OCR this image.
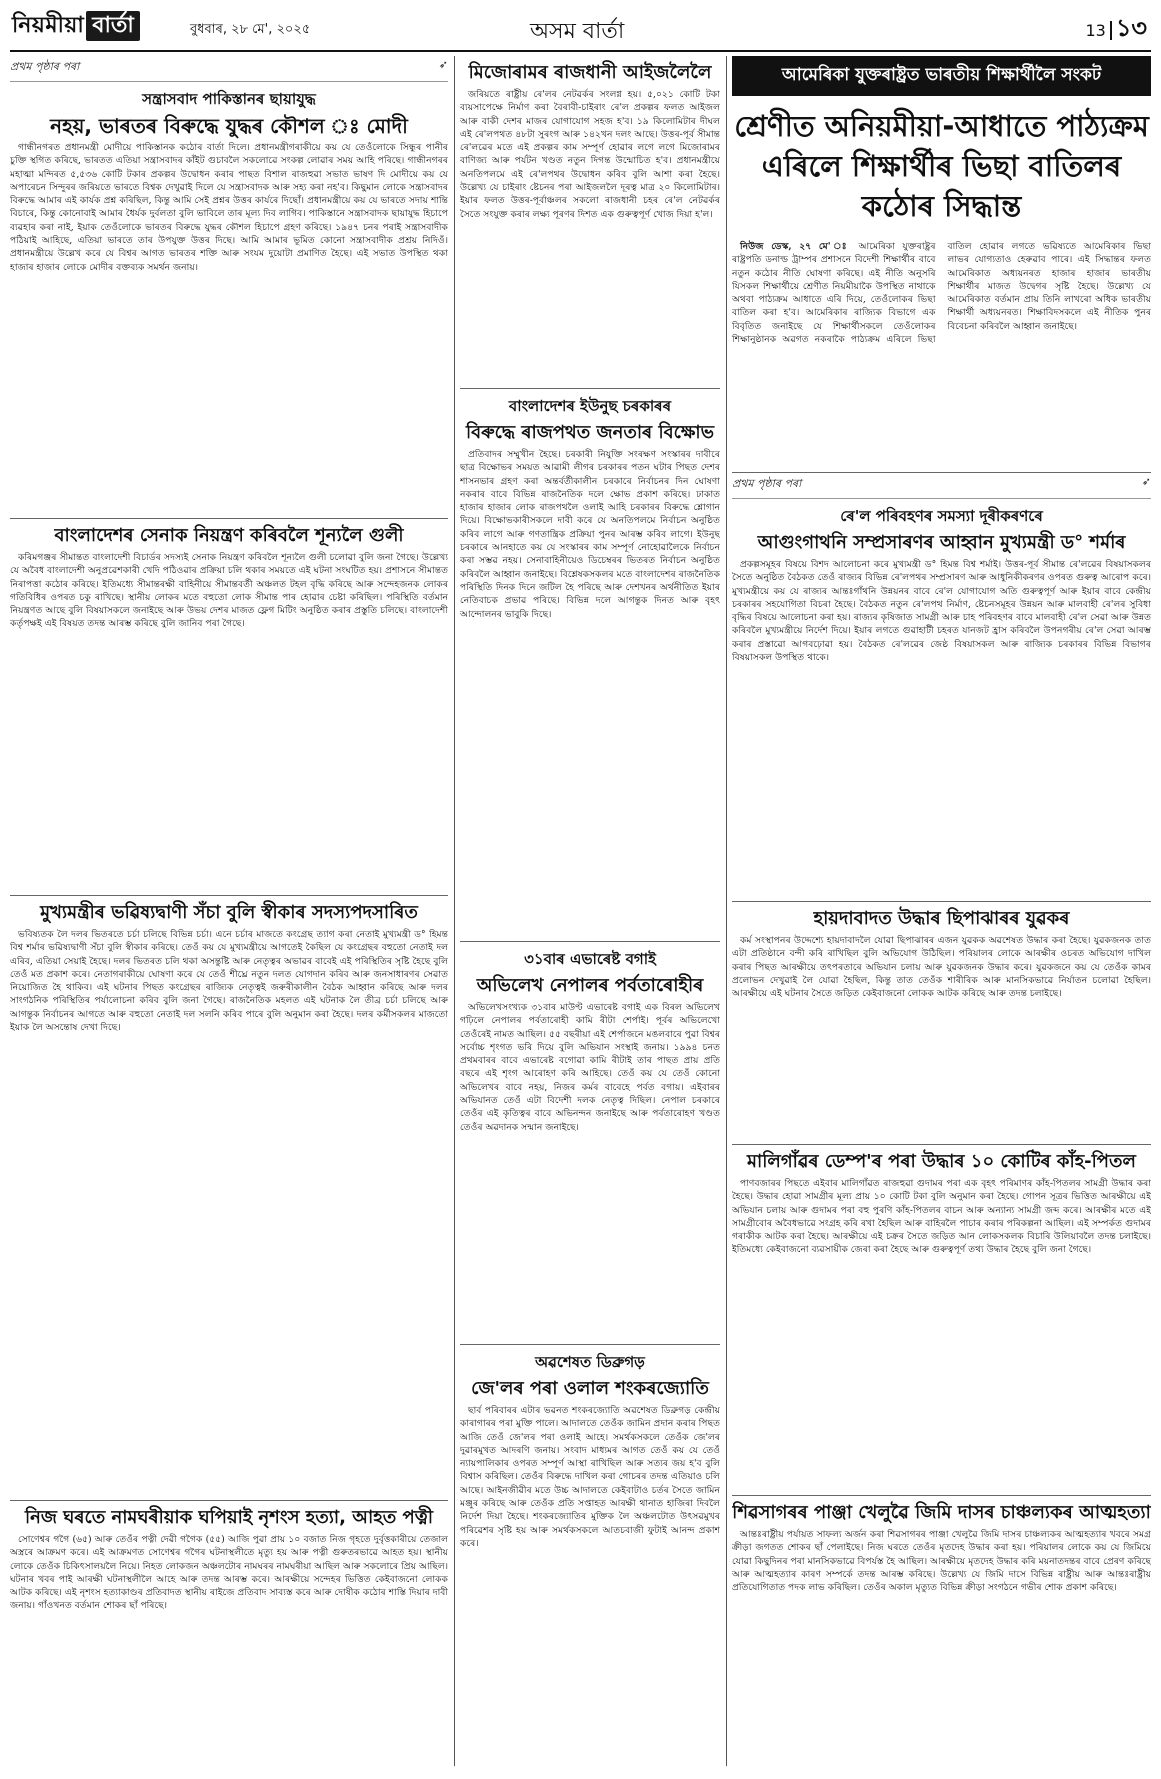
নিয়মীয়া বাৰ্তা	বুধবাৰ, ২৮ মে', ২০২৫	অসম বাৰ্তা	13 ১৩
প্ৰথম পৃষ্ঠাৰ পৰা	➶
সন্ত্ৰাসবাদ পাকিস্তানৰ ছায়াযুদ্ধ
নহয়, ভাৰতৰ বিৰুদ্ধে যুদ্ধৰ কৌশল ঃ মোদী

গান্ধীনগৰত প্ৰধানমন্ত্ৰী মোদীয়ে পাকিস্তানক কঠোৰ বাৰ্তা দিলে। প্ৰধানমন্ত্ৰীগৰাকীয়ে কয় যে তেওঁলোকে সিন্ধুৰ পানীৰ চুক্তি স্থগিত কৰিছে, ভাৰতত এতিয়া সন্ত্ৰাসবাদৰ কাঁইট গুচাবলৈ সকলোৱে সংকল্প লোৱাৰ সময় আহি পৰিছে। গান্ধীনগৰৰ মহাত্মা মন্দিৰত ৫,৫৩৬ কোটি টকাৰ প্ৰকল্পৰ উদ্বোধন কৰাৰ পাছত বিশাল ৰাজহুৱা সভাত ভাষণ দি মোদীয়ে কয় যে অপাৰেচন সিন্দুৰৰ জৰিয়তে ভাৰতে বিশ্বক দেখুৱাই দিলে যে সন্ত্ৰাসবাদক আৰু সহ্য কৰা নহ'ব। কিছুমান লোকে সন্ত্ৰাসবাদৰ বিৰুদ্ধে আমাৰ এই কাৰ্যক প্ৰশ্ন কৰিছিল, কিন্তু আমি সেই প্ৰশ্নৰ উত্তৰ কাৰ্যৰে দিছোঁ। প্ৰধানমন্ত্ৰীয়ে কয় যে ভাৰতে সদায় শান্তি বিচাৰে, কিন্তু কোনোবাই আমাৰ ধৈৰ্যক দুৰ্বলতা বুলি ভাবিলে তাৰ মূল্য দিব লাগিব। পাকিস্তানে সন্ত্ৰাসবাদক ছায়াযুদ্ধ হিচাপে ব্যৱহাৰ কৰা নাই, ইয়াক তেওঁলোকে ভাৰতৰ বিৰুদ্ধে যুদ্ধৰ কৌশল হিচাপে গ্ৰহণ কৰিছে। ১৯৪৭ চনৰ পৰাই সন্ত্ৰাসবাদীক পঠিয়াই আহিছে, এতিয়া ভাৰতে তাৰ উপযুক্ত উত্তৰ দিছে। আমি আমাৰ ভূমিত কোনো সন্ত্ৰাসবাদীক প্ৰশ্ৰয় নিদিওঁ। প্ৰধানমন্ত্ৰীয়ে উল্লেখ কৰে যে বিশ্বৰ আগত ভাৰতৰ শক্তি আৰু সংযম দুয়োটা প্ৰমাণিত হৈছে। এই সভাত উপস্থিত থকা হাজাৰ হাজাৰ লোকে মোদীৰ বক্তব্যক সমৰ্থন জনায়।

বাংলাদেশৰ সেনাক নিয়ন্ত্ৰণ কৰিবলৈ শূন্যলৈ গুলী

কৰিমগঞ্জৰ সীমান্তত বাংলাদেশী বিচাৰ্ডৰ সদস্যই সেনাক নিয়ন্ত্ৰণ কৰিবলৈ শূন্যলৈ গুলী চলোৱা বুলি জনা গৈছে। উল্লেখ্য যে অবৈধ বাংলাদেশী অনুপ্ৰৱেশকাৰী খেদি পঠিওৱাৰ প্ৰক্ৰিয়া চলি থকাৰ সময়তে এই ঘটনা সংঘটিত হয়। প্ৰশাসনে সীমান্তত নিৰাপত্তা কঠোৰ কৰিছে। ইতিমধ্যে সীমান্তৰক্ষী বাহিনীয়ে সীমান্তবৰ্তী অঞ্চলত টহল বৃদ্ধি কৰিছে আৰু সন্দেহজনক লোকৰ গতিবিধিৰ ওপৰত চকু ৰাখিছে। স্থানীয় লোকৰ মতে বহুতো লোক সীমান্ত পাৰ হোৱাৰ চেষ্টা কৰিছিল। পৰিস্থিতি বৰ্তমান নিয়ন্ত্ৰণত আছে বুলি বিষয়াসকলে জনাইছে আৰু উভয় দেশৰ মাজত ফ্লেগ মিটিং অনুষ্ঠিত কৰাৰ প্ৰস্তুতি চলিছে। বাংলাদেশী কৰ্তৃপক্ষই এই বিষয়ত তদন্ত আৰম্ভ কৰিছে বুলি জানিব পৰা গৈছে।

মুখ্যমন্ত্ৰীৰ ভৱিষ্যদ্বাণী সঁচা বুলি স্বীকাৰ সদস্যপদসাৰিত

ভবিষ্যতক লৈ দলৰ ভিতৰতে চৰ্চা চলিছে বিভিন্ন চৰ্চা। এনে চৰ্চাৰ মাজতে কংগ্ৰেছ ত্যাগ কৰা নেতাই মুখ্যমন্ত্ৰী ড° হিমন্ত বিশ্ব শৰ্মাৰ ভৱিষ্যদ্বাণী সঁচা বুলি স্বীকাৰ কৰিছে। তেওঁ কয় যে মুখ্যমন্ত্ৰীয়ে আগতেই কৈছিল যে কংগ্ৰেছৰ বহুতো নেতাই দল এৰিব, এতিয়া সেয়াই হৈছে। দলৰ ভিতৰত চলি থকা অসন্তুষ্টি আৰু নেতৃত্বৰ অভাৱৰ বাবেই এই পৰিস্থিতিৰ সৃষ্টি হৈছে বুলি তেওঁ মত প্ৰকাশ কৰে। নেতাগৰাকীয়ে ঘোষণা কৰে যে তেওঁ শীঘ্ৰে নতুন দলত যোগদান কৰিব আৰু জনসাধাৰণৰ সেৱাত নিয়োজিত হৈ থাকিব। এই ঘটনাৰ পিছত কংগ্ৰেছৰ ৰাজ্যিক নেতৃত্বই জৰুৰীকালীন বৈঠক আহ্বান কৰিছে আৰু দলৰ সাংগঠনিক পৰিস্থিতিৰ পৰ্যালোচনা কৰিব বুলি জনা গৈছে। ৰাজনৈতিক মহলত এই ঘটনাক লৈ তীব্ৰ চৰ্চা চলিছে আৰু আগন্তুক নিৰ্বাচনৰ আগতে আৰু বহুতো নেতাই দল সলনি কৰিব পাৰে বুলি অনুমান কৰা হৈছে। দলৰ কৰ্মীসকলৰ মাজতো ইয়াক লৈ অসন্তোষ দেখা দিছে।

নিজ ঘৰতে নামঘৰীয়াক ঘপিয়াই নৃশংস হত্যা, আহত পত্নী

সোণেশ্বৰ গগৈ (৬৫) আৰু তেওঁৰ পত্নী দেৱী গগৈক (৫৫) আজি পুৱা প্ৰায় ১০ বজাত নিজ গৃহতে দুৰ্বৃত্তকাৰীয়ে তেজাল অস্ত্ৰৰে আক্ৰমণ কৰে। এই আক্ৰমণত সোণেশ্বৰ গগৈৰ ঘটনাস্থলীতে মৃত্যু হয় আৰু পত্নী গুৰুতৰভাৱে আহত হয়। স্থানীয় লোকে তেওঁক চিকিৎসালয়লৈ নিয়ে। নিহত লোকজন অঞ্চলটোৰ নামঘৰৰ নামঘৰীয়া আছিল আৰু সকলোৰে প্ৰিয় আছিল। ঘটনাৰ খবৰ পাই আৰক্ষী ঘটনাস্থলীলৈ আহে আৰু তদন্ত আৰম্ভ কৰে। আৰক্ষীয়ে সন্দেহৰ ভিত্তিত কেইবাজনো লোকক আটক কৰিছে। এই নৃশংস হত্যাকাণ্ডৰ প্ৰতিবাদত স্থানীয় ৰাইজে প্ৰতিবাদ সাব্যস্ত কৰে আৰু দোষীক কঠোৰ শাস্তি দিয়াৰ দাবী জনায়। গাঁওখনত বৰ্তমান শোকৰ ছাঁ পৰিছে।

মিজোৰামৰ ৰাজধানী আইজলৈলৈ

জৰিয়তে ৰাষ্ট্ৰীয় ৰে'লৰ নেটৱৰ্কৰ সংলগ্ন হয়। ৫,০২১ কোটি টকা ব্যয়সাপেক্ষে নিৰ্মাণ কৰা বৈৰাবী-চাইৰাং ৰে'ল প্ৰকল্পৰ ফলত আইজল আৰু বাকী দেশৰ মাজৰ যোগাযোগ সহজ হ'ব। ১৯ কিলোমিটাৰ দীঘল এই ৰে'লপথত ৪৮টা সুৰংগ আৰু ১৪২খন দলং আছে। উত্তৰ-পূৰ্ব সীমান্ত ৰে'লৱেৰ মতে এই প্ৰকল্পৰ কাম সম্পূৰ্ণ হোৱাৰ লগে লগে মিজোৰামৰ বাণিজ্য আৰু পৰ্যটন খণ্ডত নতুন দিগন্ত উন্মোচিত হ'ব। প্ৰধানমন্ত্ৰীয়ে অনতিপলমে এই ৰে'লপথৰ উদ্বোধন কৰিব বুলি আশা কৰা হৈছে। উল্লেখ্য যে চাইৰাং ষ্টেচনৰ পৰা আইজললৈ দূৰত্ব মাত্ৰ ২০ কিলোমিটাৰ। ইয়াৰ ফলত উত্তৰ-পূৰ্বাঞ্চলৰ সকলো ৰাজধানী চহৰ ৰে'ল নেটৱৰ্কৰ সৈতে সংযুক্ত কৰাৰ লক্ষ্য পূৰণৰ দিশত এক গুৰুত্বপূৰ্ণ খোজ দিয়া হ'ল।

বাংলাদেশৰ ইউনুছ চৰকাৰৰ
বিৰুদ্ধে ৰাজপথত জনতাৰ বিক্ষোভ

প্ৰতিবাদৰ সম্মুখীন হৈছে। চৰকাৰী নিযুক্তি সংৰক্ষণ সংস্কাৰৰ দাবীৰে ছাত্ৰ বিক্ষোভৰ সময়ত আৱামী লীগৰ চৰকাৰৰ পতন ঘটাৰ পিছত দেশৰ শাসনভাৰ গ্ৰহণ কৰা অন্তৰ্বৰ্তীকালীন চৰকাৰে নিৰ্বাচনৰ দিন ঘোষণা নকৰাৰ বাবে বিভিন্ন ৰাজনৈতিক দলে ক্ষোভ প্ৰকাশ কৰিছে। ঢাকাত হাজাৰ হাজাৰ লোক ৰাজপথলৈ ওলাই আহি চৰকাৰৰ বিৰুদ্ধে শ্লোগান দিয়ে। বিক্ষোভকাৰীসকলে দাবী কৰে যে অনতিপলমে নিৰ্বাচন অনুষ্ঠিত কৰিব লাগে আৰু গণতান্ত্ৰিক প্ৰক্ৰিয়া পুনৰ আৰম্ভ কৰিব লাগে। ইউনুছ চৰকাৰে আনহাতে কয় যে সংস্কাৰৰ কাম সম্পূৰ্ণ নোহোৱালৈকে নিৰ্বাচন কৰা সম্ভৱ নহয়। সেনাবাহিনীয়েও ডিচেম্বৰৰ ভিতৰত নিৰ্বাচন অনুষ্ঠিত কৰিবলৈ আহ্বান জনাইছে। বিশ্লেষকসকলৰ মতে বাংলাদেশৰ ৰাজনৈতিক পৰিস্থিতি দিনক দিনে জটিল হৈ পৰিছে আৰু দেশখনৰ অৰ্থনীতিত ইয়াৰ নেতিবাচক প্ৰভাৱ পৰিছে। বিভিন্ন দলে আগন্তুক দিনত আৰু বৃহৎ আন্দোলনৰ ভাবুকি দিছে।

৩১বাৰ এভাৰেষ্ট বগাই
অভিলেখ নেপালৰ পৰ্বতাৰোহীৰ

অভিলেখসংখ্যক ৩১বাৰ মাউণ্ট এভাৰেষ্ট বগাই এক বিৰল অভিলেখ গঢ়িলে নেপালৰ পৰ্বতাৰোহী কামি ৰীটা শেৰ্পাই। পূৰ্বৰ অভিলেখো তেওঁৰেই নামত আছিল। ৫৫ বছৰীয়া এই শেৰ্পাজনে মঙলবাৰে পুৱা বিশ্বৰ সৰ্বোচ্চ শৃংগত ভৰি দিয়ে বুলি অভিযান সংস্থাই জনায়। ১৯৯৪ চনত প্ৰথমবাৰৰ বাবে এভাৰেষ্ট বগোৱা কামি ৰীটাই তাৰ পাছত প্ৰায় প্ৰতি বছৰে এই শৃংগ আৰোহণ কৰি আহিছে। তেওঁ কয় যে তেওঁ কোনো অভিলেখৰ বাবে নহয়, নিজৰ কৰ্মৰ বাবেহে পৰ্বত বগায়। এইবাৰৰ অভিযানত তেওঁ এটা বিদেশী দলক নেতৃত্ব দিছিল। নেপাল চৰকাৰে তেওঁৰ এই কৃতিত্বৰ বাবে অভিনন্দন জনাইছে আৰু পৰ্বতাৰোহণ খণ্ডত তেওঁৰ অৱদানক সন্মান জনাইছে।

অৱশেষত ডিব্ৰুগড়
জে'লৰ পৰা ওলাল শংকৰজ্যোতি

ছাৰ্ব পৰিবাৰৰ এটাৰ ভৱনত শংকৰজ্যোতি অৱশেষত ডিব্ৰুগড় কেন্দ্ৰীয় কাৰাগাৰৰ পৰা মুক্তি পালে। আদালতে তেওঁক জামিন প্ৰদান কৰাৰ পিছত আজি তেওঁ জে'লৰ পৰা ওলাই আহে। সমৰ্থকসকলে তেওঁক জে'লৰ দুৱাৰমুখত আদৰণি জনায়। সংবাদ মাধ্যমৰ আগত তেওঁ কয় যে তেওঁ ন্যায়পালিকাৰ ওপৰত সম্পূৰ্ণ আস্থা ৰাখিছিল আৰু সত্যৰ জয় হ'ব বুলি বিশ্বাস কৰিছিল। তেওঁৰ বিৰুদ্ধে দাখিল কৰা গোচৰৰ তদন্ত এতিয়াও চলি আছে। আইনজীৱীৰ মতে উচ্চ আদালতে কেইবাটাও চৰ্তৰ সৈতে জামিন মঞ্জুৰ কৰিছে আৰু তেওঁক প্ৰতি সপ্তাহত আৰক্ষী থানাত হাজিৰা দিবলৈ নিৰ্দেশ দিয়া হৈছে। শংকৰজ্যোতিৰ মুক্তিক লৈ অঞ্চলটোত উৎসৱমুখৰ পৰিৱেশৰ সৃষ্টি হয় আৰু সমৰ্থকসকলে আতচবাজী ফুটাই আনন্দ প্ৰকাশ কৰে।

আমেৰিকা যুক্তৰাষ্ট্ৰত ভাৰতীয় শিক্ষাৰ্থীলৈ সংকট
শ্ৰেণীত অনিয়মীয়া-আধাতে পাঠ্যক্ৰম এৰিলে শিক্ষাৰ্থীৰ ভিছা বাতিলৰ কঠোৰ সিদ্ধান্ত

নিউজ ডেস্ক, ২৭ মে' ঃ আমেৰিকা যুক্তৰাষ্ট্ৰৰ ৰাষ্ট্ৰপতি ডনাল্ড ট্ৰাম্পৰ প্ৰশাসনে বিদেশী শিক্ষাৰ্থীৰ বাবে নতুন কঠোৰ নীতি ঘোষণা কৰিছে। এই নীতি অনুসৰি যিসকল শিক্ষাৰ্থীয়ে শ্ৰেণীত নিয়মীয়াকৈ উপস্থিত নাথাকে অথবা পাঠ্যক্ৰম আধাতে এৰি দিয়ে, তেওঁলোকৰ ভিছা বাতিল কৰা হ'ব। আমেৰিকাৰ ৰাজ্যিক বিভাগে এক বিবৃতিত জনাইছে যে শিক্ষাৰ্থীসকলে তেওঁলোকৰ শিক্ষানুষ্ঠানক অৱগত নকৰাকৈ পাঠ্যক্ৰম এৰিলে ভিছা বাতিল হোৱাৰ লগতে ভৱিষ্যতে আমেৰিকাৰ ভিছা লাভৰ যোগ্যতাও হেৰুৱাব পাৰে। এই সিদ্ধান্তৰ ফলত আমেৰিকাত অধ্যয়নৰত হাজাৰ হাজাৰ ভাৰতীয় শিক্ষাৰ্থীৰ মাজত উদ্বেগৰ সৃষ্টি হৈছে। উল্লেখ্য যে আমেৰিকাত বৰ্তমান প্ৰায় তিনি লাখৰো অধিক ভাৰতীয় শিক্ষাৰ্থী অধ্যয়নৰত। শিক্ষাবিদসকলে এই নীতিক পুনৰ বিবেচনা কৰিবলৈ আহ্বান জনাইছে।

প্ৰথম পৃষ্ঠাৰ পৰা	➶
ৰে'ল পৰিবহণৰ সমস্যা দূৰীকৰণৰে
আগুংগাথনি সম্প্ৰসাৰণৰ আহ্বান মুখ্যমন্ত্ৰী ড° শৰ্মাৰ

প্ৰকল্পসমূহৰ বিষয়ে বিশদ আলোচনা কৰে মুখ্যমন্ত্ৰী ড° হিমন্ত বিশ্ব শৰ্মাই। উত্তৰ-পূৰ্ব সীমান্ত ৰে'লৱেৰ বিষয়াসকলৰ সৈতে অনুষ্ঠিত বৈঠকত তেওঁ ৰাজ্যৰ বিভিন্ন ৰে'লপথৰ সম্প্ৰসাৰণ আৰু আধুনিকীকৰণৰ ওপৰত গুৰুত্ব আৰোপ কৰে। মুখ্যমন্ত্ৰীয়ে কয় যে ৰাজ্যৰ আন্তঃগাঁথনি উন্নয়নৰ বাবে ৰে'ল যোগাযোগ অতি গুৰুত্বপূৰ্ণ আৰু ইয়াৰ বাবে কেন্দ্ৰীয় চৰকাৰৰ সহযোগিতা বিচৰা হৈছে। বৈঠকত নতুন ৰে'লপথ নিৰ্মাণ, ষ্টেচনসমূহৰ উন্নয়ন আৰু মালবাহী ৰে'লৰ সুবিধা বৃদ্ধিৰ বিষয়ে আলোচনা কৰা হয়। ৰাজ্যৰ কৃষিজাত সামগ্ৰী আৰু চাহ পৰিবহণৰ বাবে মালবাহী ৰে'ল সেৱা আৰু উন্নত কৰিবলৈ মুখ্যমন্ত্ৰীয়ে নিৰ্দেশ দিয়ে। ইয়াৰ লগতে গুৱাহাটী চহৰত যানজট হ্ৰাস কৰিবলৈ উপনগৰীয় ৰে'ল সেৱা আৰম্ভ কৰাৰ প্ৰস্তাৱো আগবঢ়োৱা হয়। বৈঠকত ৰে'লৱেৰ জেষ্ঠ বিষয়াসকল আৰু ৰাজ্যিক চৰকাৰৰ বিভিন্ন বিভাগৰ বিষয়াসকল উপস্থিত থাকে।

হায়দাবাদত উদ্ধাৰ ছিপাঝাৰৰ যুৱকৰ

কৰ্ম সংস্থাপনৰ উদ্দেশ্যে হায়দাবাদলৈ যোৱা ছিপাঝাৰৰ এজন যুৱকক অৱশেষত উদ্ধাৰ কৰা হৈছে। যুৱকজনক তাত এটা প্ৰতিষ্ঠানে বন্দী কৰি ৰাখিছিল বুলি অভিযোগ উঠিছিল। পৰিয়ালৰ লোকে আৰক্ষীৰ ওচৰত অভিযোগ দাখিল কৰাৰ পিছত আৰক্ষীয়ে তৎপৰতাৰে অভিযান চলায় আৰু যুৱকজনক উদ্ধাৰ কৰে। যুৱকজনে কয় যে তেওঁক কামৰ প্ৰলোভন দেখুৱাই লৈ যোৱা হৈছিল, কিন্তু তাত তেওঁক শাৰীৰিক আৰু মানসিকভাৱে নিৰ্যাতন চলোৱা হৈছিল। আৰক্ষীয়ে এই ঘটনাৰ সৈতে জড়িত কেইবাজনো লোকক আটক কৰিছে আৰু তদন্ত চলাইছে।

মালিগাঁৱৰ ডেম্প'ৰ পৰা উদ্ধাৰ ১০ কোটিৰ কাঁহ-পিতল

পাণবজাৰৰ পিছতে এইবাৰ মালিগাঁৱত ৰাজহুৱা গুদামৰ পৰা এক বৃহৎ পৰিমাণৰ কাঁহ-পিতলৰ সামগ্ৰী উদ্ধাৰ কৰা হৈছে। উদ্ধাৰ হোৱা সামগ্ৰীৰ মূল্য প্ৰায় ১০ কোটি টকা বুলি অনুমান কৰা হৈছে। গোপন সূত্ৰৰ ভিত্তিত আৰক্ষীয়ে এই অভিযান চলায় আৰু গুদামৰ পৰা বহু পুৰণি কাঁহ-পিতলৰ বাচন আৰু অন্যান্য সামগ্ৰী জব্দ কৰে। আৰক্ষীৰ মতে এই সামগ্ৰীবোৰ অবৈধভাৱে সংগ্ৰহ কৰি ৰখা হৈছিল আৰু বাহিৰলৈ পাচাৰ কৰাৰ পৰিকল্পনা আছিল। এই সম্পৰ্কত গুদামৰ গৰাকীক আটক কৰা হৈছে। আৰক্ষীয়ে এই চক্ৰৰ সৈতে জড়িত আন লোকসকলক বিচাৰি উলিয়াবলৈ তদন্ত চলাইছে। ইতিমধ্যে কেইবাজনো ব্যৱসায়ীক জেৰা কৰা হৈছে আৰু গুৰুত্বপূৰ্ণ তথ্য উদ্ধাৰ হৈছে বুলি জনা গৈছে।

শিৱসাগৰৰ পাঞ্জা খেলুৱৈ জিমি দাসৰ চাঞ্চল্যকৰ আত্মহত্যা

আন্তঃৰাষ্ট্ৰীয় পৰ্যায়ত সাফল্য অৰ্জন কৰা শিৱসাগৰৰ পাঞ্জা খেলুৱৈ জিমি দাসৰ চাঞ্চল্যকৰ আত্মহত্যাৰ খবৰে সমগ্ৰ ক্ৰীড়া জগতত শোকৰ ছাঁ পেলাইছে। নিজ ঘৰতে তেওঁৰ মৃতদেহ উদ্ধাৰ কৰা হয়। পৰিয়ালৰ লোকে কয় যে জিমিয়ে যোৱা কিছুদিনৰ পৰা মানসিকভাৱে বিপৰ্যস্ত হৈ আছিল। আৰক্ষীয়ে মৃতদেহ উদ্ধাৰ কৰি ময়নাতদন্তৰ বাবে প্ৰেৰণ কৰিছে আৰু আত্মহত্যাৰ কাৰণ সম্পৰ্কে তদন্ত আৰম্ভ কৰিছে। উল্লেখ্য যে জিমি দাসে বিভিন্ন ৰাষ্ট্ৰীয় আৰু আন্তঃৰাষ্ট্ৰীয় প্ৰতিযোগিতাত পদক লাভ কৰিছিল। তেওঁৰ অকাল মৃত্যুত বিভিন্ন ক্ৰীড়া সংগঠনে গভীৰ শোক প্ৰকাশ কৰিছে।
